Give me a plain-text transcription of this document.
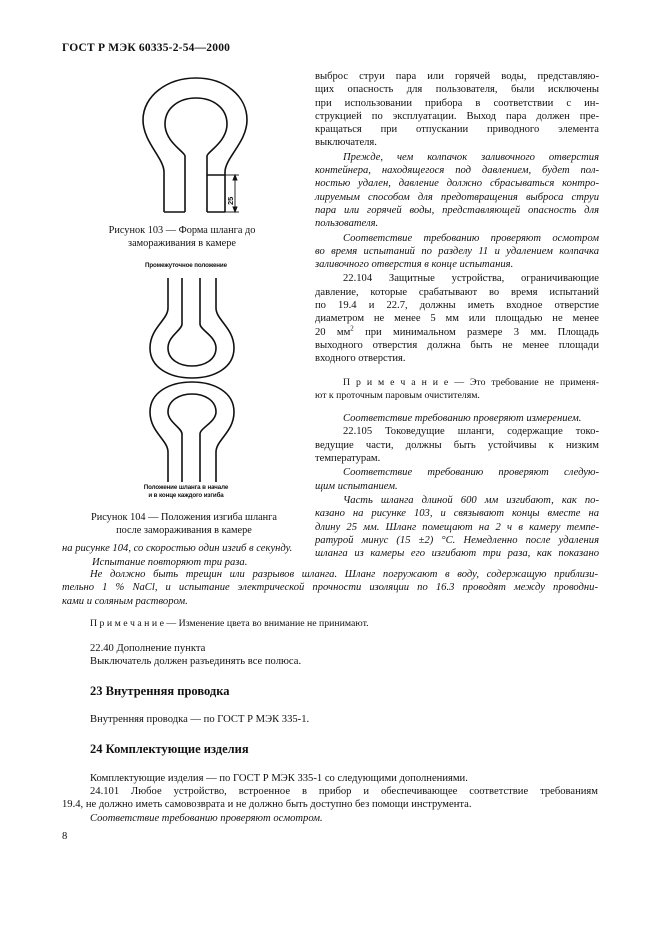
ГОСТ Р МЭК 60335-2-54—2000
25
Рисунок 103 — Форма шланга до
замораживания в камере
Промежуточное положение
Положение шланга в начале
и в конце каждого изгиба
Рисунок 104 — Положения изгиба шланга
после замораживания в камере
выброс струи пара или горячей воды, представляю-
щих опасность для пользователя, были исключены
при использовании прибора в соответствии с ин-
струкцией по эксплуатации. Выход пара должен пре-
кращаться при отпускании приводного элемента
выключателя.
Прежде, чем колпачок заливочного отверстия
контейнера, находящегося под давлением, будет пол-
ностью удален, давление должно сбрасываться контро-
лируемым способом для предотвращения выброса струи
пара или горячей воды, представляющей опасность для
пользователя.
Соответствие требованию проверяют осмотром
во время испытаний по разделу 11 и удалением колпачка
заливочного отверстия в конце испытания.
22.104 Защитные устройства, ограничивающие
давление, которые срабатывают во время испытаний
по 19.4 и 22.7, должны иметь входное отверстие
диаметром не менее 5 мм или площадью не менее
20 $мм^2$ при минимальном размере 3 мм. Площадь
выходного отверстия должна быть не менее площади
входного отверстия.
П р и м е ч а н и е — Это требование не применя-
ют к проточным паровым очистителям.
Соответствие требованию проверяют измерением.
22.105 Токоведущие шланги, содержащие токо-
ведущие части, должны быть устойчивы к низким
температурам.
Соответствие требованию проверяют следую-
щим испытанием.
Часть шланга длиной 600 мм изгибают, как по-
казано на рисунке 103, и связывают концы вместе на
длину 25 мм. Шланг помещают на 2 ч в камеру темпе-
ратурой минус (15 ±2) °С. Немедленно после удаления
шланга из камеры его изгибают три раза, как показано
на рисунке 104, со скоростью один изгиб в секунду.
Испытание повторяют три раза.
Не должно быть трещин или разрывов шланга. Шланг погружают в воду, содержащую приблизи-
тельно 1 % NaCl, и испытание электрической прочности изоляции по 16.3 проводят между проводни-
ками и соляным раствором.
П р и м е ч а н и е — Изменение цвета во внимание не принимают.
22.40 Дополнение пункта
Выключатель должен разъединять все полюса.
23 Внутренняя проводка
Внутренняя проводка — по ГОСТ Р МЭК 335-1.
24 Комплектующие изделия
Комплектующие изделия — по ГОСТ Р МЭК 335-1 со следующими дополнениями.
24.101 Любое устройство, встроенное в прибор и обеспечивающее соответствие требованиям
19.4, не должно иметь самовозврата и не должно быть доступно без помощи инструмента.
Соответствие требованию проверяют осмотром.
8
